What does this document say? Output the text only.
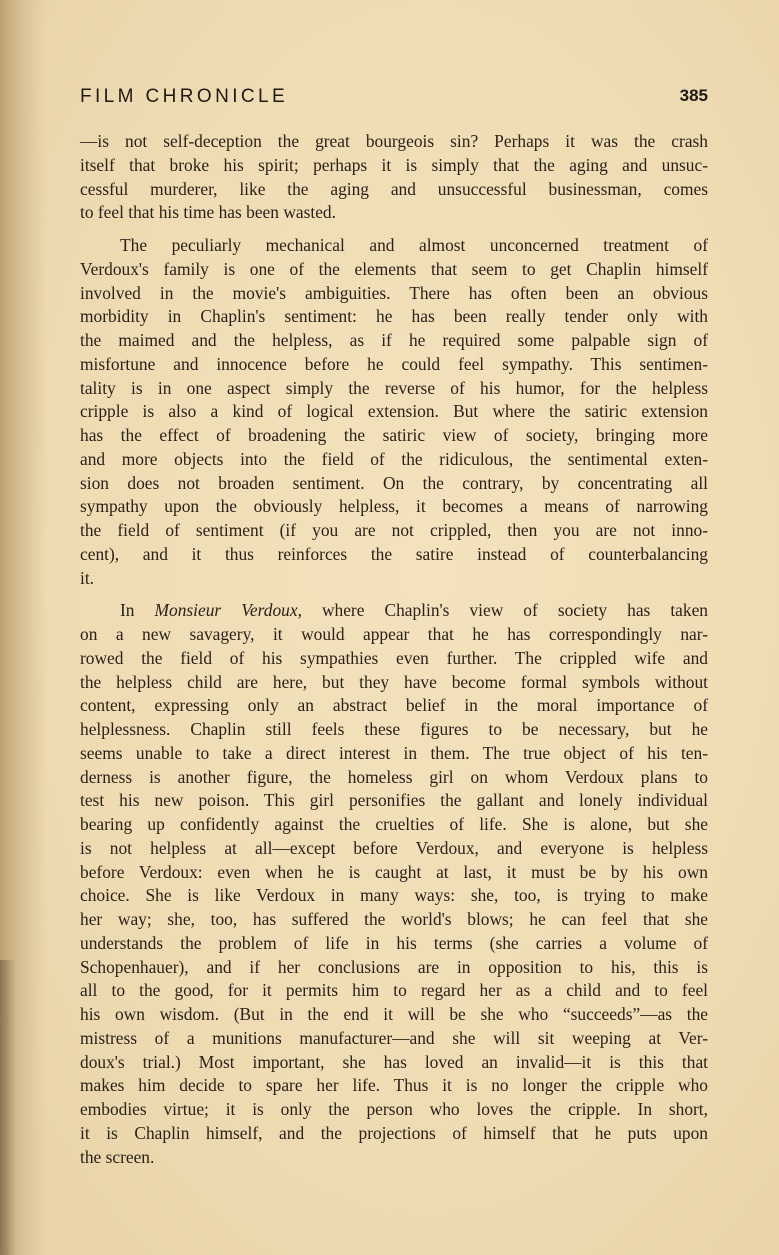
FILM CHRONICLE	385
—is not self-deception the great bourgeois sin? Perhaps it was the crash
itself that broke his spirit; perhaps it is simply that the aging and unsuc-
cessful murderer, like the aging and unsuccessful businessman, comes
to feel that his time has been wasted.
The peculiarly mechanical and almost unconcerned treatment of
Verdoux's family is one of the elements that seem to get Chaplin himself
involved in the movie's ambiguities. There has often been an obvious
morbidity in Chaplin's sentiment: he has been really tender only with
the maimed and the helpless, as if he required some palpable sign of
misfortune and innocence before he could feel sympathy. This sentimen-
tality is in one aspect simply the reverse of his humor, for the helpless
cripple is also a kind of logical extension. But where the satiric extension
has the effect of broadening the satiric view of society, bringing more
and more objects into the field of the ridiculous, the sentimental exten-
sion does not broaden sentiment. On the contrary, by concentrating all
sympathy upon the obviously helpless, it becomes a means of narrowing
the field of sentiment (if you are not crippled, then you are not inno-
cent), and it thus reinforces the satire instead of counterbalancing
it.
In Monsieur Verdoux, where Chaplin's view of society has taken
on a new savagery, it would appear that he has correspondingly nar-
rowed the field of his sympathies even further. The crippled wife and
the helpless child are here, but they have become formal symbols without
content, expressing only an abstract belief in the moral importance of
helplessness. Chaplin still feels these figures to be necessary, but he
seems unable to take a direct interest in them. The true object of his ten-
derness is another figure, the homeless girl on whom Verdoux plans to
test his new poison. This girl personifies the gallant and lonely individual
bearing up confidently against the cruelties of life. She is alone, but she
is not helpless at all—except before Verdoux, and everyone is helpless
before Verdoux: even when he is caught at last, it must be by his own
choice. She is like Verdoux in many ways: she, too, is trying to make
her way; she, too, has suffered the world's blows; he can feel that she
understands the problem of life in his terms (she carries a volume of
Schopenhauer), and if her conclusions are in opposition to his, this is
all to the good, for it permits him to regard her as a child and to feel
his own wisdom. (But in the end it will be she who “succeeds”—as the
mistress of a munitions manufacturer—and she will sit weeping at Ver-
doux's trial.) Most important, she has loved an invalid—it is this that
makes him decide to spare her life. Thus it is no longer the cripple who
embodies virtue; it is only the person who loves the cripple. In short,
it is Chaplin himself, and the projections of himself that he puts upon
the screen.
